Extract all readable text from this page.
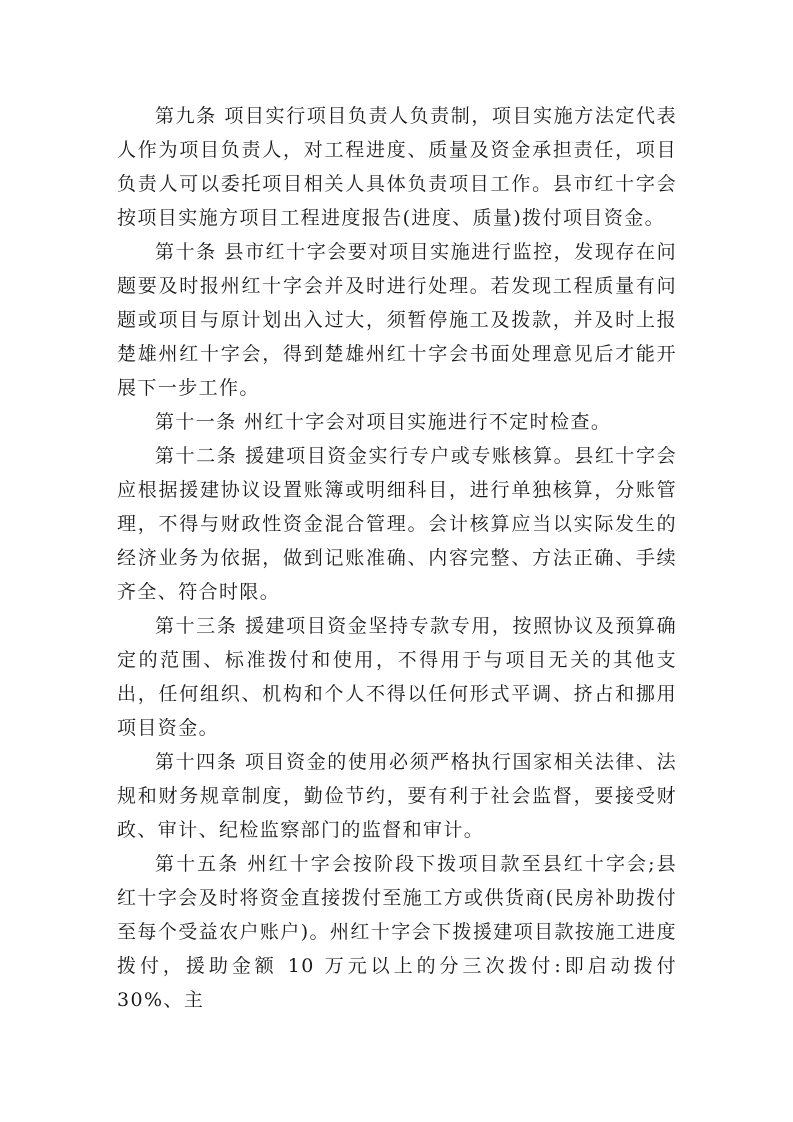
第九条 项目实行项目负责人负责制，项目实施方法定代表人作为项目负责人，对工程进度、质量及资金承担责任，项目负责人可以委托项目相关人具体负责项目工作。县市红十字会按项目实施方项目工程进度报告(进度、质量)拨付项目资金。

第十条 县市红十字会要对项目实施进行监控，发现存在问题要及时报州红十字会并及时进行处理。若发现工程质量有问题或项目与原计划出入过大，须暂停施工及拨款，并及时上报楚雄州红十字会，得到楚雄州红十字会书面处理意见后才能开展下一步工作。

第十一条 州红十字会对项目实施进行不定时检查。

第十二条 援建项目资金实行专户或专账核算。县红十字会应根据援建协议设置账簿或明细科目，进行单独核算，分账管理，不得与财政性资金混合管理。会计核算应当以实际发生的经济业务为依据，做到记账准确、内容完整、方法正确、手续齐全、符合时限。

第十三条 援建项目资金坚持专款专用，按照协议及预算确定的范围、标准拨付和使用，不得用于与项目无关的其他支出，任何组织、机构和个人不得以任何形式平调、挤占和挪用项目资金。

第十四条 项目资金的使用必须严格执行国家相关法律、法规和财务规章制度，勤俭节约，要有利于社会监督，要接受财政、审计、纪检监察部门的监督和审计。

第十五条 州红十字会按阶段下拨项目款至县红十字会;县红十字会及时将资金直接拨付至施工方或供货商(民房补助拨付至每个受益农户账户)。州红十字会下拨援建项目款按施工进度拨付，援助金额 10 万元以上的分三次拨付:即启动拨付 30%、主
